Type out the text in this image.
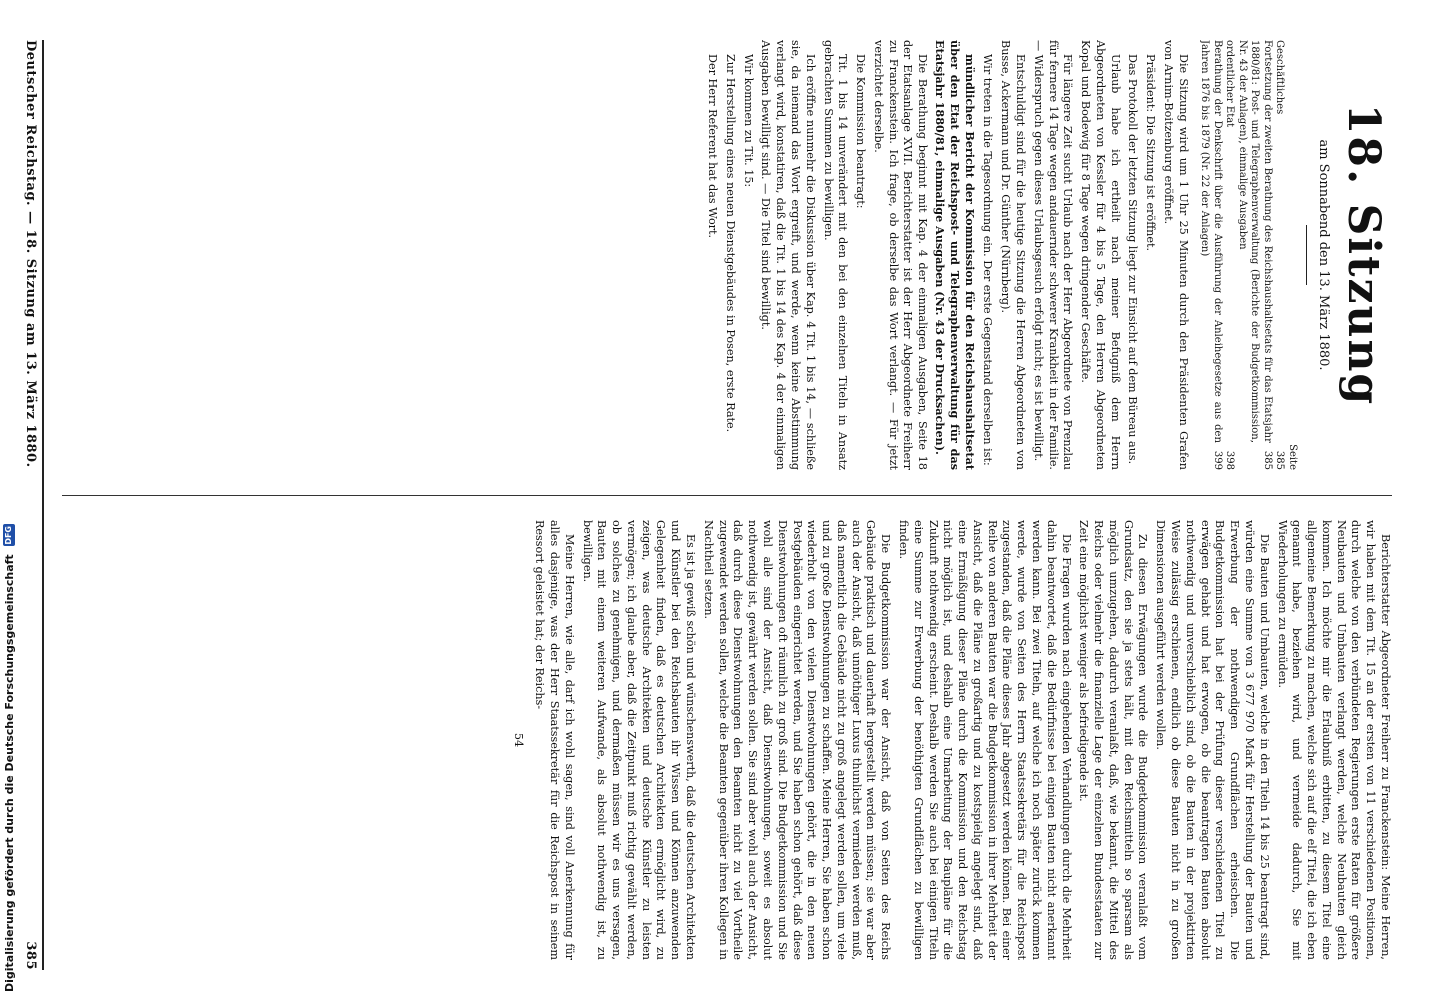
Deutscher Reichstag. — 18. Sitzung am 13. März 1880.
385
18. Sitzung
am Sonnabend den 13. März 1880.
Seite
Geschäftliches
385
Fortsetzung der zweiten Berathung des Reichshaushaltsetats für das Etatsjahr 1880/81: Post- und Telegraphenverwaltung (Berichte der Budgetkommission, Nr. 43 der Anlagen), einmalige Ausgaben
385
ordentlicher Etat
398
Berathung der Denkschrift über die Ausführung der Anleihegesetze aus den Jahren 1876 bis 1879 (Nr. 22 der Anlagen)
399

Die Sitzung wird um 1 Uhr 25 Minuten durch den Präsidenten Grafen von Arnim-Boitzenburg eröffnet.

Präsident: Die Sitzung ist eröffnet.

Das Protokoll der letzten Sitzung liegt zur Einsicht auf dem Büreau aus.

Urlaub habe ich ertheilt nach meiner Befugniß dem Herrn Abgeordneten von Kessler für 4 bis 5 Tage, den Herren Abgeordneten Kopal und Bodewig für 8 Tage wegen dringender Geschäfte.

Für längere Zeit sucht Urlaub nach der Herr Abgeordnete von Prenzlau für fernere 14 Tage wegen andauernder schwerer Krankheit in der Familie. — Widerspruch gegen dieses Urlaubsgesuch erfolgt nicht; es ist bewilligt.

Entschuldigt sind für die heutige Sitzung die Herren Abgeordneten von Busse, Ackermann und Dr. Günther (Nürnberg).

Wir treten in die Tagesordnung ein. Der erste Gegenstand derselben ist:

mündlicher Bericht der Kommission für den Reichshaushaltsetat über den Etat der Reichspost- und Telegraphenverwaltung für das Etatsjahr 1880/81, einmalige Ausgaben (Nr. 43 der Drucksachen).

Die Berathung beginnt mit Kap. 4 der einmaligen Ausgaben, Seite 18 der Etatsanlage XVII. Berichterstatter ist der Herr Abgeordnete Freiherr zu Franckenstein. Ich frage, ob derselbe das Wort verlangt. — Für jetzt verzichtet derselbe.

Die Kommission beantragt:

Tit. 1 bis 14 unverändert mit den bei den einzelnen Titeln in Ansatz gebrachten Summen zu bewilligen.

Ich eröffne nunmehr die Diskussion über Kap. 4 Tit. 1 bis 14, — schließe sie, da niemand das Wort ergreift, und werde, wenn keine Abstimmung verlangt wird, konstatiren, daß die Tit. 1 bis 14 des Kap. 4 der einmaligen Ausgaben bewilligt sind. — Die Titel sind bewilligt.

Wir kommen zu Tit. 15:

Zur Herstellung eines neuen Dienstgebäudes in Posen, erste Rate.

Der Herr Referent hat das Wort.

Berichterstatter Abgeordneter Freiherr zu Franckenstein: Meine Herren, wir haben mit dem Tit. 15 an der ersten von 11 verschiedenen Positionen, durch welche von den verbündeten Regierungen erste Raten für größere Neubauten und Umbauten verlangt werden, welche Neubauten gleich kommen. Ich möchte mir die Erlaubniß erbitten, zu diesem Titel eine allgemeine Bemerkung zu machen, welche sich auf die elf Titel, die ich eben genannt habe, beziehen wird, und vermeide dadurch, Sie mit Wiederholungen zu ermüden.

Die Bauten und Umbauten, welche in den Titeln 14 bis 25 beantragt sind, würden eine Summe von 3 677 970 Mark für Herstellung der Bauten und Erwerbung der nothwendigen Grundflächen erheischen. Die Budgetkommission hat bei der Prüfung dieser verschiedenen Titel zu erwägen gehabt und hat erwogen, ob die beantragten Bauten absolut nothwendig und unverschieblich sind, ob die Bauten in der projektirten Weise zulässig erschienen, endlich ob diese Bauten nicht in zu großen Dimensionen ausgeführt werden wollen.

Zu diesen Erwägungen wurde die Budgetkommission veranlaßt vom Grundsatz, den sie ja stets hält, mit den Reichsmitteln so sparsam als möglich umzugehen, dadurch veranlaßt, daß, wie bekannt, die Mittel des Reichs oder vielmehr die finanzielle Lage der einzelnen Bundesstaaten zur Zeit eine möglichst weniger als befriedigende ist.

Die Fragen wurden nach eingehenden Verhandlungen durch die Mehrheit dahin beantwortet, daß die Bedürfnisse bei einigen Bauten nicht anerkannt werden kann. Bei zwei Titeln, auf welche ich noch später zurück kommen werde, wurde von Seiten des Herrn Staatssekretärs für die Reichspost zugestanden, daß die Pläne dieses Jahr abgesetzt werden können. Bei einer Reihe von anderen Bauten war die Budgetkommission in ihrer Mehrheit der Ansicht, daß die Pläne zu großartig und zu kostspielig angelegt sind, daß eine Ermäßigung dieser Pläne durch die Kommission und den Reichstag nicht möglich ist, und deshalb eine Umarbeitung der Baupläne für die Zukunft nothwendig erscheint. Deshalb werden Sie auch bei einigen Titeln eine Summe zur Erwerbung der benöthigten Grundflächen zu bewilligen finden.

Die Budgetkommission war der Ansicht, daß von Seiten des Reichs Gebäude praktisch und dauerhaft hergestellt werden müssen; sie war aber auch der Ansicht, daß unnöthiger Luxus thunlichst vermieden werden muß, daß namentlich die Gebäude nicht zu groß angelegt werden sollen, um viele und zu große Dienstwohnungen zu schaffen. Meine Herren, Sie haben schon wiederholt von den vielen Dienstwohnungen gehört, die in den neuen Postgebäuden eingerichtet werden, und Sie haben schon gehört, daß diese Dienstwohnungen oft räumlich zu groß sind. Die Budgetkommission und Sie wohl alle sind der Ansicht, daß Dienstwohnungen, soweit es absolut nothwendig ist, gewährt werden sollen. Sie sind aber wohl auch der Ansicht, daß durch diese Dienstwohnungen den Beamten nicht zu viel Vortheile zugewendet werden sollen, welche die Beamten gegenüber ihren Kollegen in Nachtheil setzen.

Es ist ja gewiß schön und wünschenswerth, daß die deutschen Architekten und Künstler bei den Reichsbauten ihr Wissen und Können anzuwenden Gelegenheit finden, daß es deutschen Architekten ermöglicht wird, zu zeigen, was deutsche Architekten und deutsche Künstler zu leisten vermögen; ich glaube aber, daß die Zeitpunkt muß richtig gewählt werden, ob solches zu genehmigen, und dermaßen müssen wir es uns versagen, Bauten mit einem weiteren Aufwande, als absolut nothwendig ist, zu bewilligen.

Meine Herren, wie alle, darf ich wohl sagen, sind voll Anerkennung für alles dasjenige, was der Herr Staatssekretär für die Reichspost in seinem Ressort geleistet hat; der Reichs-

54
Digitalisierung gefördert durch die Deutsche Forschungsgemeinschaft
DFG
